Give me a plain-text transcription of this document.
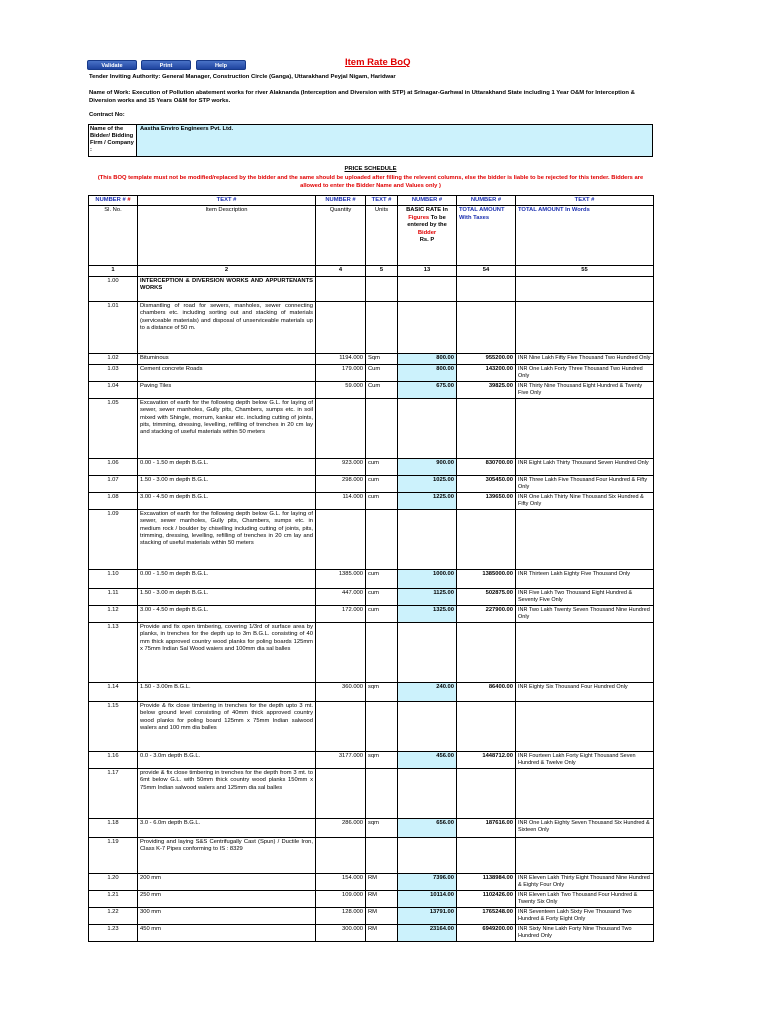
Validate	Print	Help	Item Rate BoQ
Tender Inviting Authority: General Manager, Construction Circle (Ganga), Uttarakhand Peyjal Nigam, Haridwar
Name of Work: Execution of Pollution abatement works for river Alaknanda (Interception and Diversion with STP) at Srinagar-Garhwal in Uttarakhand State including 1 Year O&M for Interception & Diversion works and 15 Years O&M for STP works.
Contract No:
Name of the Bidder/ Bidding Firm / Company :
Aastha Enviro Engineers Pvt. Ltd.
PRICE SCHEDULE
(This BOQ template must not be modified/replaced by the bidder and the same should be uploaded after filling the relevent columns, else the bidder is liable to be rejected for this tender. Bidders are allowed to enter the Bidder Name and Values only )
NUMBER # #	TEXT #	NUMBER #	TEXT #	NUMBER #	NUMBER #	TEXT #
Sl. No.	Item Description	Quantity	Units	BASIC RATE In
Figures To be entered by the
Bidder
Rs. P	TOTAL AMOUNT With Taxes	TOTAL AMOUNT In Words
1	2	4	5	13	54	55
1.00	INTERCEPTION & DIVERSION WORKS AND APPURTENANTS WORKS					
1.01	Dismantling of road for sewers, manholes, sewer connecting chambers etc. including sorting out and stacking of materials (serviceable materials) and disposal of unserviceable materials up to a distance of 50 m.					
1.02	Bituminous	1194.000	Sqm	800.00	955200.00	INR Nine Lakh Fifty Five Thousand Two Hundred Only
1.03	Cement concrete Roads	179.000	Cum	800.00	143200.00	INR One Lakh Forty Three Thousand Two Hundred Only
1.04	Paving Tiles	59.000	Cum	675.00	39825.00	INR Thirty Nine Thousand Eight Hundred & Twenty Five Only
1.05	Excavation of earth for the following depth below G.L. for laying of sewer, sewer manholes, Gully pits, Chambers, sumps etc. in soil mixed with Shingle, morrum, kankar etc. including cutting of joints, pits, trimming, dressing, levelling, refilling of trenches in 20 cm lay and stacking of useful materials within 50 meters					
1.06	0.00 - 1.50 m depth B.G.L.	923.000	cum	900.00	830700.00	INR Eight Lakh Thirty Thousand Seven Hundred Only
1.07	1.50 - 3.00 m depth B.G.L.	298.000	cum	1025.00	305450.00	INR Three Lakh Five Thousand Four Hundred & Fifty Only
1.08	3.00 - 4.50 m depth B.G.L.	114.000	cum	1225.00	139650.00	INR One Lakh Thirty Nine Thousand Six Hundred & Fifty Only
1.09	Excavation of earth for the following depth below G.L. for laying of sewer, sewer manholes, Gully pits, Chambers, sumps etc. in medium rock / boulder by chiselling including cutting of joints, pits, trimming, dressing, levelling, refilling of trenches in 20 cm lay and stacking of useful materials within 50 meters					
1.10	0.00 - 1.50 m depth B.G.L.	1385.000	cum	1000.00	1385000.00	INR Thirteen Lakh Eighty Five Thousand Only
1.11	1.50 - 3.00 m depth B.G.L.	447.000	cum	1125.00	502875.00	INR Five Lakh Two Thousand Eight Hundred & Seventy Five Only
1.12	3.00 - 4.50 m depth B.G.L.	172.000	cum	1325.00	227900.00	INR Two Lakh Twenty Seven Thousand Nine Hundred Only
1.13	Provide and fix open timbering, covering 1/3rd of surface area by planks, in trenches for the depth up to 3m B.G.L. consisting of 40 mm thick approved country wood planks for poling boards 125mm x 75mm Indian Sal Wood waiers and 100mm dia sal balles					
1.14	1.50 - 3.00m B.G.L.	360.000	sqm	240.00	86400.00	INR Eighty Six Thousand Four Hundred Only
1.15	Provide & fix close timbering in trenches for the depth upto 3 mt. below ground level consisting of 40mm thick approved country wood planks for poling board 125mm x 75mm Indian salwood walers and 100 mm dia balles					
1.16	0.0 - 3.0m depth B.G.L.	3177.000	sqm	456.00	1448712.00	INR Fourteen Lakh Forty Eight Thousand Seven Hundred & Twelve Only
1.17	provide & fix close timbering in trenches for the depth from 3 mt. to 6mt below G.L. with 50mm thick country wood planks 150mm x 75mm Indian salwood walers and 125mm dia sal balles					
1.18	3.0 - 6.0m depth B.G.L.	286.000	sqm	656.00	187616.00	INR One Lakh Eighty Seven Thousand Six Hundred & Sixteen Only
1.19	Providing and laying S&S Centrifugally Cast (Spun) / Ductile Iron, Class K-7 Pipes conforming to IS : 8329					
1.20	200 mm	154.000	RM	7396.00	1138984.00	INR Eleven Lakh Thirty Eight Thousand Nine Hundred & Eighty Four Only
1.21	250 mm	109.000	RM	10114.00	1102426.00	INR Eleven Lakh Two Thousand Four Hundred & Twenty Six Only
1.22	300 mm	128.000	RM	13791.00	1765248.00	INR Seventeen Lakh Sixty Five Thousand Two Hundred & Forty Eight Only
1.23	450 mm	300.000	RM	23164.00	6949200.00	INR Sixty Nine Lakh Forty Nine Thousand Two Hundred Only
